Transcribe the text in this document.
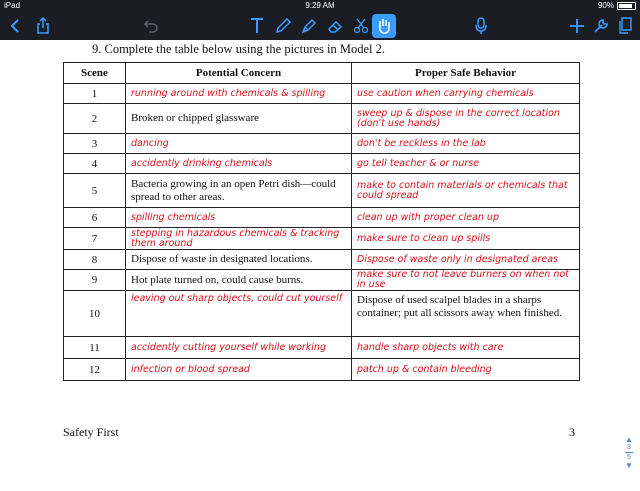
iPad	9:29 AM	90%
9. Complete the table below using the pictures in Model 2.
Scene	Potential Concern	Proper Safe Behavior
1	running around with chemicals & spilling	use caution when carrying chemicals

2	Broken or chipped glassware	sweep up & dispose in the correct location (don't use hands)

3	dancing	don't be reckless in the lab

4	accidently drinking chemicals	go tell teacher & or nurse

5	Bacteria growing in an open Petri dish—could spread to other areas.	make to contain materials or chemicals that could spread

6	spilling chemicals	clean up with proper clean up

7	stepping in hazardous chemicals & tracking them around	make sure to clean up spills

8	Dispose of waste in designated locations.	Dispose of waste only in designated areas

9	Hot plate turned on, could cause burns.	make sure to not leave burners on when not in use

10	leaving out sharp objects, could cut yourself	Dispose of used scalpel blades in a sharps container; put all scissors away when finished.

11	accidently cutting yourself while working	handle sharp objects with care

12	infection or blood spread	patch up & contain bleeding
Safety First	3
▲
3
5
▼
